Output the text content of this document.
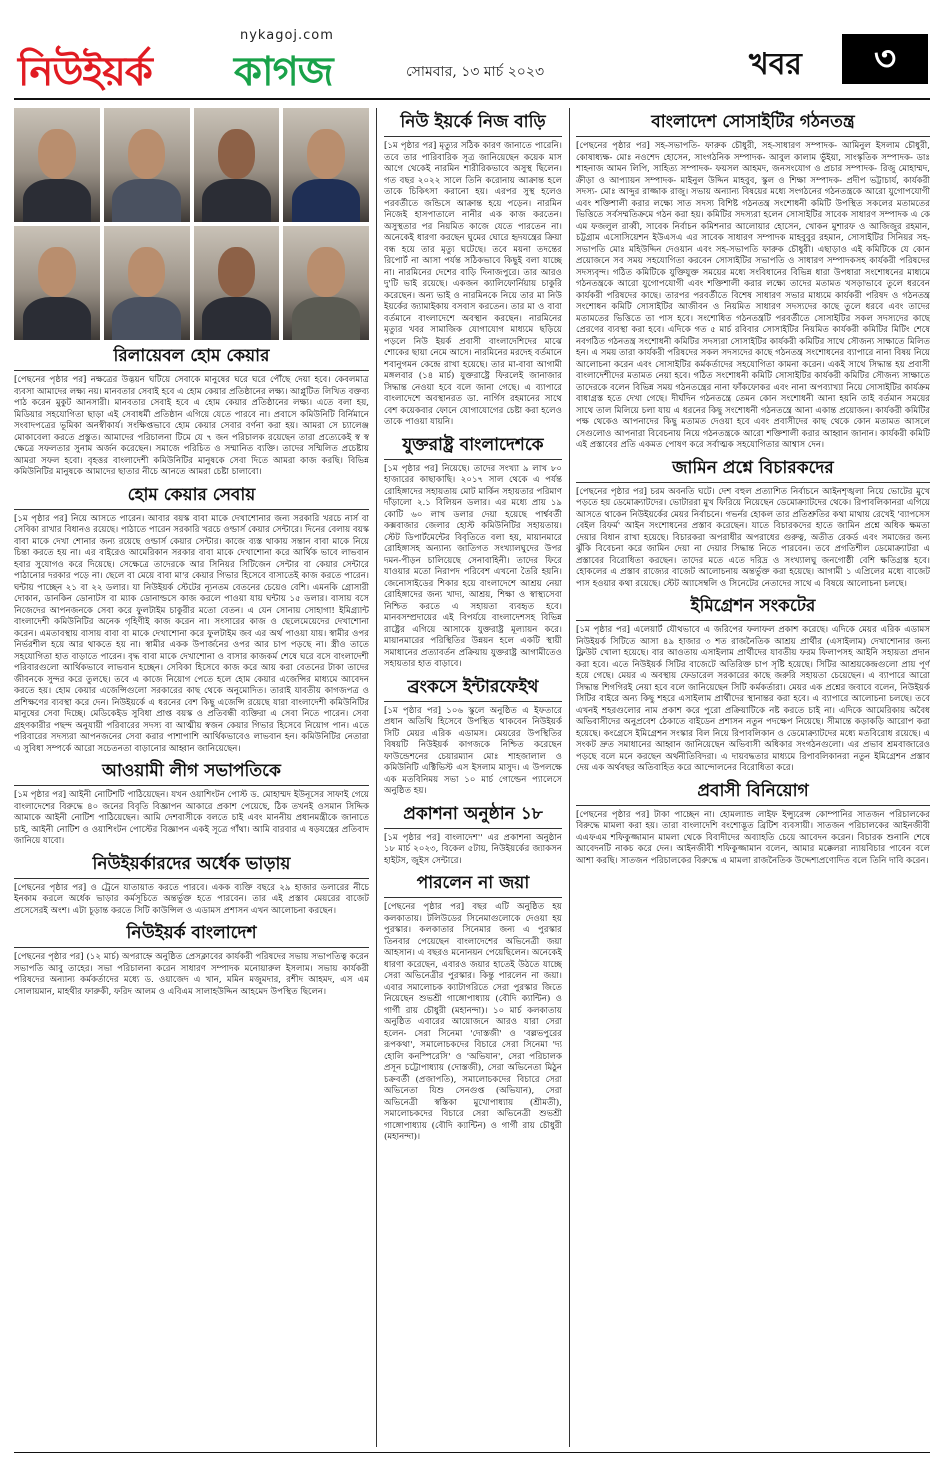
নিউইয়র্ক
nykagoj.com
কাগজ	সোমবার, ১৩ মার্চ ২০২৩	খবর	৩
রিলায়েবল হোম কেয়ার

[পেছনের পৃষ্ঠার পর] নক্ষত্রের উদ্ভয়ন ঘটিয়ে সেবাকে মানুষের ঘরে ঘরে পৌঁছে দেয়া হবে। কেবলমাত্র ব্যবসা আমাদের লক্ষ্য নয়। মানবতার সেবাই হবে এ হোম কেয়ার প্রতিষ্ঠানের লক্ষ্য। আপ্লুটিত লিখিত বক্তব্য পাঠ করেন মুকুট আনসারী। মানবতার সেবাই হবে এ হোম কেয়ার প্রতিষ্ঠানের লক্ষ্য। এতে বলা হয়, মিডিয়ার সহযোগিতা ছাড়া এই সেবাধর্মী প্রতিষ্ঠান এগিয়ে যেতে পারবে না। প্রবাসে কমিউনিটি বির্নিমানে সংবাদপত্রের ভূমিকা অনস্বীকার্য। সংক্ষিপ্তভাবে হোম কেয়ার সেবার বর্ণনা করা হয়। আমরা সে চ্যালেঞ্জ মোকাবেলা করতে প্রস্তুত। আমাদের পরিচালনা টিমে যে ৭ জন পরিচালক রয়েছেন তারা প্রত্যেকেই স্ব স্ব ক্ষেত্রে সফলতার সুনাম অর্জন করেছেন। সমাজে পরিচিত ও সম্মানিত ব্যক্তি। তাদের সম্মিলিত প্রচেষ্টায় আমরা সফল হবো। বৃহত্তর বাংলাদেশী কমিউনিটির মানুষকে সেবা দিতে আমরা কাজ করছি। বিভিন্ন কমিউনিটির মানুষকে আমাদের ছাতার নীচে আনতে আমরা চেষ্টা চালাবো।

হোম কেয়ার সেবায়

[১ম পৃষ্ঠার পর] নিয়ে আসতে পারেন। আবার বয়স্ক বাবা মাকে দেখাশোনার জন্য সরকারি খরচে নার্স বা সেবিকা রাখার বিধানও রয়েছে। পাঠাতে পারেন সরকারি খরচে ওল্ডার্স কেয়ার সেন্টারে। দিনের বেলায় বয়স্ক বাবা মাকে দেখা শোনার জন্য রয়েছে ওল্ডার্স কেয়ার সেন্টার। কাজে ব্যস্ত থাকায় সন্তান বাবা মাকে নিয়ে চিন্তা করতে হয় না। এর বাইরেও আমেরিকান সরকার বাবা মাকে দেখাশোনা করে আর্থিক ভাবে লাভবান হবার সুযোগও করে দিয়েছে। সেক্ষেত্রে তাদেরকে আর সিনিয়র সিটিজেন সেন্টার বা কেয়ার সেন্টারে পাঠানোর দরকার পড়ে না। ছেলে বা মেয়ে বাবা মা'র কেয়ার গিভার হিসেবে বাসাতেই কাজ করতে পারেন। ঘন্টায় পাচ্ছেন ২১ বা ২২ ডলার। যা নিউইয়র্ক স্টেটের ন্যূনতম বেতনের চেয়েও বেশি। এমনকি গ্রোসারী দোকান, ডানকিন ডোনাটস বা ম্যাক ডোনাল্ডসে কাজ করলে পাওয়া যায় ঘন্টায় ১৫ ডলার। বাসায় বসে নিজেদের আপনজনকে সেবা করে ফুলটাইম চাকুরীর মতো বেতন। এ যেন সোনায় সোহাগা! ইমিগ্র্যান্ট বাংলাদেশী কমিউনিটির অনেক গৃহিণীই কাজ করেন না। সংসারের কাজ ও ছেলেমেয়েদের দেখাশোনা করেন। এমতাবস্থায় বাসায় বাবা বা মাকে দেখাশোনা করে ফুলটাইম জব এর অর্থ পাওয়া যায়। স্বামীর ওপর নির্ভরশীল হয়ে আর থাকতে হয় না। স্বামীর একক উপার্জনের ওপর আর চাপ পড়ছে না। স্ত্রীও তাতে সহযোগিতা হাত বাড়াতে পারেন। বৃদ্ধ বাবা মাকে দেখাশোনা ও বাসার কাজকর্ম শেষে ঘরে বসে বাংলাদেশী পরিবারগুলো আর্থিকভাবে লাভবান হচ্ছেন। সেবিকা হিসেবে কাজ করে আয় করা বেতনের টাকা তাদের জীবনকে সুন্দর করে তুলছে। তবে এ কাজে নিয়োগ পেতে হলে হোম কেয়ার এজেন্সির মাধ্যমে আবেদন করতে হয়। হোম কেয়ার এজেন্সিগুলো সরকারের কাছ থেকে অনুমোদিত। তারাই যাবতীয় কাগজপত্র ও প্রশিক্ষণের ব্যবস্থা করে দেন। নিউইয়র্কে এ ধরনের বেশ কিছু এজেন্সি রয়েছে যারা বাংলাদেশী কমিউনিটির মানুষের সেবা দিচ্ছে। মেডিকেইড সুবিধা প্রাপ্ত বয়স্ক ও প্রতিবন্ধী ব্যক্তিরা এ সেবা নিতে পারেন। সেবা গ্রহণকারীর পছন্দ অনুযায়ী পরিবারের সদস্য বা আত্মীয় স্বজন কেয়ার গিভার হিসেবে নিয়োগ পান। এতে পরিবারের সদস্যরা আপনজনের সেবা করার পাশাপাশি আর্থিকভাবেও লাভবান হন। কমিউনিটির নেতারা এ সুবিধা সম্পর্কে আরো সচেতনতা বাড়ানোর আহ্বান জানিয়েছেন।

আওয়ামী লীগ সভাপতিকে

[১ম পৃষ্ঠার পর] আইনী নোটিশটি পাঠিয়েছেন। যখন ওয়াশিংটন পোস্ট ড. মোহাম্মদ ইউনূসের সাফাই গেয়ে বাংলাদেশের বিরুদ্ধে ৪০ জনের বিবৃতি বিজ্ঞাপন আকারে প্রকাশ পেয়েছে, ঠিক তখনই ওসমান সিদ্দিক আমাকে আইনী নোটিশ পাঠিয়েছেন। আমি দেশবাসীকে বলতে চাই এবং মাননীয় প্রধানমন্ত্রীকে জানাতে চাই, আইনী নোটিশ ও ওয়াশিংটন পোস্টের বিজ্ঞাপন একই সূত্রে গাঁথা। আমি বারবার এ ষড়যন্ত্রের প্রতিবাদ জানিয়ে যাবো।

নিউইয়র্কারদের অর্ধেক ভাড়ায়

[পেছনের পৃষ্ঠার পর] ও ট্রেনে যাতায়াত করতে পারবে। একক ব্যক্তি বছরে ২৯ হাজার ডলারের নীচে ইনকাম করলে অর্ধেক ভাড়ার কর্মসূচিতে অন্তর্ভুক্ত হতে পারবেন। তার এই প্রস্তাব মেয়রের বাজেট প্রসেসেরই অংশ। এটা চূড়ান্ত করতে সিটি কাউন্সিল ও এডামস প্রশাসন এখন আলোচনা করছেন।

নিউইয়র্ক বাংলাদেশ

[পেছনের পৃষ্ঠার পর] (১২ মার্চ) অপরাহ্নে অনুষ্ঠিত প্রেসক্লাবের কার্যকরী পরিষদের সভায় সভাপতিত্ব করেন সভাপতি আবু তাহের। সভা পরিচালনা করেন সাধারণ সম্পাদক মনোয়ারুল ইসলাম। সভায় কার্যকরী পরিষদের অন্যান্য কর্মকর্তাদের মধ্যে ড. ওয়াজেদ এ খান, মমিন মজুমদার, রশীদ আহমদ, এস এম সোলায়মান, মাহথীর ফারুকী, ফরিদ আলম ও এবিএম সালাহউদ্দিন আহমেদ উপস্থিত ছিলেন।

নিউ ইয়র্কে নিজ বাড়ি

[১ম পৃষ্ঠার পর] মৃত্যুর সঠিক কারণ জানাতে পারেনি। তবে তার পারিবারিক সূত্র জানিয়েছেন কয়েক মাস আগে থেকেই নারমিন শারীরিকভাবে অসুস্থ ছিলেন। গত বছর ২০২২ সালে তিনি করোনায় আক্রান্ত হলে তাকে চিকিৎসা করানো হয়। এরপর সুস্থ হলেও পরবর্তীতে জন্ডিসে আক্রান্ত হয়ে পড়েন। নারমিন নিজেই হাসপাতালে নানীর এক কাজ করতেন। অসুস্থতার পর নিয়মিত কাজে যেতে পারতেন না। অনেকেই ধারণা করছেন ঘুমের ঘোরে হৃদযন্ত্রের ক্রিয়া বন্ধ হয়ে তার মৃত্যু ঘটেছে। তবে ময়না তদন্তের রিপোর্ট না আসা পর্যন্ত সঠিকভাবে কিছুই বলা যাচ্ছে না। নারমিনের দেশের বাড়ি দিনাজপুরে। তার আরও দু'টি ভাই রয়েছে। একজন ক্যালিফোর্নিয়ায় চাকুরি করেছেন। অন্য ভাই ও নারমিনকে নিয়ে তার মা নিউ ইয়র্কের জ্যামাইকায় বসবাস করতেন। তার মা ও বাবা বর্তমানে বাংলাদেশে অবস্থান করছেন। নারমিনের মৃত্যুর খবর সামাজিক যোগাযোগ মাধ্যমে ছড়িয়ে পড়লে নিউ ইয়র্ক প্রবাসী বাংলাদেশিদের মাঝে শোকের ছায়া নেমে আসে। নারমিনের মরদেহ বর্তমানে শবানুগমন কেন্দ্রে রাখা হয়েছে। তার মা-বাবা আগামী মঙ্গলবার (১৪ মার্চ) যুক্তরাষ্ট্রে ফিরলেই জানাজার সিদ্ধান্ত নেওয়া হবে বলে জানা গেছে। এ ব্যাপারে বাংলাদেশে অবস্থানরত ডা. নার্গিস রহমানের সাথে বেশ কয়েকবার ফোনে যোগাযোগের চেষ্টা করা হলেও তাকে পাওয়া যায়নি।

যুক্তরাষ্ট্র বাংলাদেশকে

[১ম পৃষ্ঠার পর] নিয়েছে। তাদের সংখ্যা ৯ লাখ ৮০ হাজারের কাছাকাছি। ২০১৭ সাল থেকে এ পর্যন্ত রোহিঙ্গাদের সহায়তায় মোট মার্কিন সহায়তার পরিমাণ দাঁড়ালো ২.১ বিলিয়ন ডলার। এর মধ্যে প্রায় ১৯ কোটি ৬০ লাখ ডলার দেয়া হয়েছে পার্শ্ববর্তী কক্সবাজার জেলার হোস্ট কমিউনিটির সহায়তায়। স্টেট ডিপার্টমেন্টের বিবৃতিতে বলা হয়, মায়ানমারে রোহিঙ্গাসহ অন্যান্য জাতিগত সংখ্যালঘুদের উপর দমন-পীড়ন চালিয়েছে সেনাবাহিনী। তাদের ফিরে যাওয়ার মতো নিরাপদ পরিবেশ এখনো তৈরি হয়নি। জেনোসাইডের শিকার হয়ে বাংলাদেশে আশ্রয় নেয়া রোহিঙ্গাদের জন্য খাদ্য, আশ্রয়, শিক্ষা ও স্বাস্থ্যসেবা নিশ্চিত করতে এ সহায়তা ব্যবহৃত হবে। মানবসম্প্রদায়ের এই বিপর্যয়ে বাংলাদেশসহ বিভিন্ন রাষ্ট্রের এগিয়ে আসাকে যুক্তরাষ্ট্র মূল্যায়ন করে। মায়ানমারের পরিস্থিতির উন্নয়ন হলে একটি স্থায়ী সমাধানের প্রত্যাবর্তন প্রক্রিয়ায় যুক্তরাষ্ট্র আগামীতেও সহায়তার হাত বাড়াবে।

ব্রংকসে ইন্টারফেইথ

[১ম পৃষ্ঠার পর] ১০৬ স্কুলে অনুষ্ঠিত এ ইফতারে প্রধান অতিথি হিসেবে উপস্থিত থাকবেন নিউইয়র্ক সিটি মেয়র এরিক এডামস। মেয়রের উপস্থিতির বিষয়টি নিউইয়র্ক কাগজকে নিশ্চিত করেছেন ফাউন্ডেশনের চেয়ারম্যান মোঃ শাহজালাল ও কমিউনিটি এক্টিভিস্ট এস ইসলাম মাসুদ। এ উপলক্ষে এক মতবিনিময় সভা ১০ মার্চ গোল্ডেন প্যালেসে অনুষ্ঠিত হয়।

প্রকাশনা অনুষ্ঠান ১৮

[১ম পৃষ্ঠার পর] বাংলাদেশ'' এর প্রকাশনা অনুষ্ঠান ১৮ মার্চ ২০২৩, বিকেল ৫টায়, নিউইয়র্কের জ্যাকসন হাইটস, জুইস সেন্টারে।

পারলেন না জয়া

[পেছনের পৃষ্ঠার পর] বছর এটি অনুষ্ঠিত হয় কলকাতায়। টলিউডের সিনেমাগুলোকে দেওয়া হয় পুরস্কার। কলকাতার সিনেমার জন্য এ পুরস্কার তিনবার পেয়েছেন বাংলাদেশের অভিনেত্রী জয়া আহসান। এ বছরও মনোনয়ন পেয়েছিলেন। অনেকেই ধারণা করেছেন, এবারও জয়ার হাতেই উঠতে যাচ্ছে সেরা অভিনেত্রীর পুরস্কার। কিন্তু পারলেন না জয়া। এবার সমালোচক ক্যাটাগরিতে সেরা পুরস্কার জিতে নিয়েছেন শুভশ্রী গাঙ্গোপাধ্যায় (বৌদি ক্যান্টিন) ও গার্গী রায় চৌধুরী (মহানন্দা)। ১০ মার্চ কলকাতায় অনুষ্ঠিত এবারের আয়োজনে আরও যারা সেরা হলেন- সেরা সিনেমা 'দোস্তজী' ও 'বল্লভপুরের রূপকথা', সমালোচকদের বিচারে সেরা সিনেমা 'দ্য হোলি কনস্পিরেসি' ও 'অভিযান', সেরা পরিচালক প্রসূন চট্টোপাধ্যায় (দোস্তজী), সেরা অভিনেতা মিঠুন চক্রবর্তী (প্রজাপতি), সমালোচকদের বিচারে সেরা অভিনেতা যিশু সেনগুপ্ত (অভিযান), সেরা অভিনেত্রী স্বস্তিকা মুখোপাধ্যায় (শ্রীমতী), সমালোচকদের বিচারে সেরা অভিনেত্রী শুভশ্রী গাঙ্গোপাধ্যায় (বৌদি ক্যান্টিন) ও গার্গী রায় চৌধুরী (মহানন্দা)।

বাংলাদেশ সোসাইটির গঠনতন্ত্র

[পেছনের পৃষ্ঠার পর] সহ-সভাপতি- ফারুক চৌধুরী, সহ-সাধারণ সম্পাদক- আমিনুল ইসলাম চৌধুরী, কোষাধ্যক্ষ- মোঃ নওশেদ হোসেন, সাংগঠনিক সম্পাদক- আবুল কালাম ভুঁইয়া, সাংস্কৃতিক সম্পাদক- ডাঃ শাহনাজ আমন লিপি, সাহিত্য সম্পাদক- ফয়সল আহমদ, জনসংযোগ ও প্রচার সম্পাদক- রিজু মোহাম্মদ, ক্রীড়া ও আপ্যায়ন সম্পাদক- মাইনুল উদ্দিন মাহবুব, স্কুল ও শিক্ষা সম্পাদক- প্রদীপ ভট্টাচার্য, কার্যকরী সদস্য- মোঃ আব্দুর রাজ্জাক রাজু। সভায় অন্যান্য বিষয়ের মধ্যে সংগঠনের গঠনতন্ত্রকে আরো যুগোপযোগী এবং শক্তিশালী করার লক্ষ্যে সাত সদস্য বিশিষ্ট গঠনতন্ত্র সংশোধনী কমিটি উপস্থিত সকলের মতামতের ভিত্তিতে সর্বসম্মতিক্রমে গঠন করা হয়। কমিটির সদস্যরা হলেন সোসাইটির সাবেক সাধারণ সম্পাদক এ কে এম ফজলুল রাব্বী, সাবেক নির্বাচন কমিশনার আলোয়ার হোসেন, খোকন মুশারফ ও আজিজুর রহমান, চট্টগ্রাম এসোসিয়েশন ইউএসএ এর সাবেক সাধারণ সম্পাদক মাহবুবুর রহমান, সোসাইটির সিনিয়র সহ-সভাপতি মোঃ মহিউদ্দিন দেওয়ান এবং সহ-সভাপতি ফারুক চৌধুরী। এছাড়াও এই কমিটিকে যে কোন প্রয়োজনে সব সময় সহযোগিতা করবেন সোসাইটির সভাপতি ও সাধারণ সম্পাদকসহ কার্যকরী পরিষদের সদস্যবৃন্দ। গঠিত কমিটিকে যুক্তিযুক্ত সময়ের মধ্যে সংবিধানের বিভিন্ন ধারা উপধারা সংশোধনের মাধ্যমে গঠনতন্ত্রকে আরো যুগোপযোগী এবং শক্তিশালী করার লক্ষ্যে তাদের মতামত খসড়াভাবে তুলে ধরবেন কার্যকরী পরিষদের কাছে। তারপর পরবর্তীতে বিশেষ সাধারণ সভার মাধ্যমে কার্যকরী পরিষদ ও গঠনতন্ত্র সংশোধন কমিটি সোসাইটির আজীবন ও নিয়মিত সাধারণ সদস্যদের কাছে তুলে ধরবে এবং তাদের মতামতের ভিত্তিতে তা পাস হবে। সংশোধিত গঠনতন্ত্রটি পরবর্তীতে সোসাইটির সকল সদস্যদের কাছে প্রেরণের ব্যবস্থা করা হবে। এদিকে গত ৫ মার্চ রবিবার সোসাইটির নিয়মিত কার্যকরী কমিটির মিটিং শেষে নবগঠিত গঠনতন্ত্র সংশোধনী কমিটির সদস্যরা সোসাইটির কার্যকরী কমিটির সাথে সৌজন্য সাক্ষাতে মিলিত হন। এ সময় তারা কার্যকরী পরিষদের সকল সদস্যদের কাছে গঠনতন্ত্র সংশোধনের ব্যাপারে নানা বিষয় নিয়ে আলোচনা করেন এবং সোসাইটির কর্মকর্তাদের সহযোগিতা কামনা করেন। একই সাথে সিদ্ধান্ত হয় প্রবাসী বাংলাদেশীদের মতামত নেয়া হবে। গঠিত সংশোধনী কমিটি সোসাইটির কার্যকরী কমিটির সৌজন্য সাক্ষাতে তাদেরকে বলেন বিভিন্ন সময় গঠনতন্ত্রের নানা ফাঁকফোকর এবং নানা অপব্যাখ্যা নিয়ে সোসাইটির কার্যক্রম বাধাগ্রস্ত হতে দেখা গেছে। দীর্ঘদিন গঠনতন্ত্রে তেমন কোন সংশোধনী আনা হয়নি তাই বর্তমান সময়ের সাথে তাল মিলিয়ে চলা যায় এ ধরনের কিছু সংশোধনী গঠনতন্ত্রে আনা একান্ত প্রয়োজন। কার্যকরী কমিটির পক্ষ থেকেও আপনাদের কিছু মতামত দেওয়া হবে এবং প্রবাসীদের কাছ থেকে কোন মতামত আসলে সেগুলোও আপনারা বিবেচনায় নিয়ে গঠনতন্ত্রকে আরো শক্তিশালী করার আহ্বান জানান। কার্যকরী কমিটি এই প্রস্তাবের প্রতি একমত পোষণ করে সর্বাত্মক সহযোগিতার আশ্বাস দেন।

জামিন প্রশ্নে বিচারকদের

[পেছনের পৃষ্ঠার পর] চরম অবনতি ঘটে। দেশ বহুল প্রত্যাশিত নির্বাচনে আইনশৃঙ্খলা নিয়ে ভোটের মুখে পড়তে হয় ডেমোক্র্যাটদের। ভোটাররা মুখ ফিরিয়ে নিয়েছেন ডেমোক্র্যাটদের থেকে। রিপাবলিকানরা এগিয়ে আসতে থাকেন নিউইয়র্কের মেয়র নির্বাচনে। গভর্নর হোকল তার প্রতিশ্রুতির কথা মাথায় রেখেই 'ব্যাপসেস বেইল রিফর্ম' আইন সংশোধনের প্রস্তাব করেছেন। যাতে বিচারকদের হাতে জামিন প্রশ্নে অধিক ক্ষমতা দেয়ার বিধান রাখা হয়েছে। বিচারকরা অপরাধীর অপরাধের গুরুত্ব, অতীত রেকর্ড এবং সমাজের জন্য ঝুঁকি বিবেচনা করে জামিন দেয়া না দেয়ার সিদ্ধান্ত নিতে পারবেন। তবে প্রগতিশীল ডেমোক্র্যাটরা এ প্রস্তাবের বিরোধিতা করছেন। তাদের মতে এতে দরিদ্র ও সংখ্যালঘু জনগোষ্ঠী বেশি ক্ষতিগ্রস্ত হবে। হোকলের এ প্রস্তাব রাজ্যের বাজেট আলোচনায় অন্তর্ভুক্ত করা হয়েছে। আগামী ১ এপ্রিলের মধ্যে বাজেট পাস হওয়ার কথা রয়েছে। স্টেট অ্যাসেম্বলি ও সিনেটের নেতাদের সাথে এ বিষয়ে আলোচনা চলছে।

ইমিগ্রেশন সংকটের

[১ম পৃষ্ঠার পর] এলেয়ার্ট যৌথভাবে এ জরিপের ফলাফল প্রকাশ করেছে। এদিকে মেয়র এরিক এডামস নিউইয়র্ক সিটিতে আসা ৪৯ হাজার ৩ শত রাজনৈতিক আশ্রয় প্রার্থীর (এসাইলাম) দেখাশোনার জন্য ফ্লিউট খোলা হয়েছে। বার আওতায় এসাইলাম প্রার্থীদের যাবতীয় ফরম ফিলাপসহ আইনি সহায়তা প্রদান করা হবে। এতে নিউইয়র্ক সিটির বাজেটে অতিরিক্ত চাপ সৃষ্টি হয়েছে। সিটির আশ্রয়কেন্দ্রগুলো প্রায় পূর্ণ হয়ে গেছে। মেয়র এ অবস্থায় ফেডারেল সরকারের কাছে জরুরি সহায়তা চেয়েছেন। এ ব্যাপারে আরো সিদ্ধান্ত শিগগিরই নেয়া হবে বলে জানিয়েছেন সিটি কর্মকর্তারা। মেয়র এক প্রশ্নের জবাবে বলেন, নিউইয়র্ক সিটির বাইরে অন্য কিছু শহরে এসাইলাম প্রার্থীদের স্থানান্তর করা হবে। এ ব্যাপারে আলোচনা চলছে। তবে এখনই শহরগুলোর নাম প্রকাশ করে পুরো প্রক্রিয়াটিকে নষ্ট করতে চাই না। এদিকে আমেরিকায় অবৈধ অভিবাসীদের অনুপ্রবেশ ঠেকাতে বাইডেন প্রশাসন নতুন পদক্ষেপ নিয়েছে। সীমান্তে কড়াকড়ি আরোপ করা হয়েছে। কংগ্রেসে ইমিগ্রেশন সংস্কার বিল নিয়ে রিপাবলিকান ও ডেমোক্র্যাটদের মধ্যে মতবিরোধ রয়েছে। এ সংকট দ্রুত সমাধানের আহ্বান জানিয়েছেন অভিবাসী অধিকার সংগঠনগুলো। এর প্রভাব শ্রমবাজারেও পড়ছে বলে মনে করছেন অর্থনীতিবিদরা। এ দায়বদ্ধতার মাধ্যমে রিপাবলিকানরা নতুন ইমিগ্রেশন প্রস্তাব দেয় এক অর্থবছর অতিবাহিত করে আন্দোলনের বিরোধিতা করে।

প্রবাসী বিনিয়োগ

[পেছনের পৃষ্ঠার পর] টাকা পাচ্ছেন না। হোমল্যান্ড লাইফ ইন্স্যুরেন্স কোম্পানির সাতজন পরিচালকের বিরুদ্ধে মামলা করা হয়। তারা বাংলাদেশি বংশোদ্ভূত ব্রিটিশ ব্যবসায়ী। সাতজন পরিচালকের আইনজীবী এএফএম শফিকুজ্জামান মামলা থেকে বিবাদীদের অব্যাহতি চেয়ে আবেদন করেন। বিচারক শুনানি শেষে আবেদনটি নাকচ করে দেন। আইনজীবী শফিকুজ্জামান বলেন, আমার মক্কেলরা ন্যায়বিচার পাবেন বলে আশা করছি। সাতজন পরিচালকের বিরুদ্ধে এ মামলা রাজনৈতিক উদ্দেশ্যপ্রণোদিত বলে তিনি দাবি করেন।
